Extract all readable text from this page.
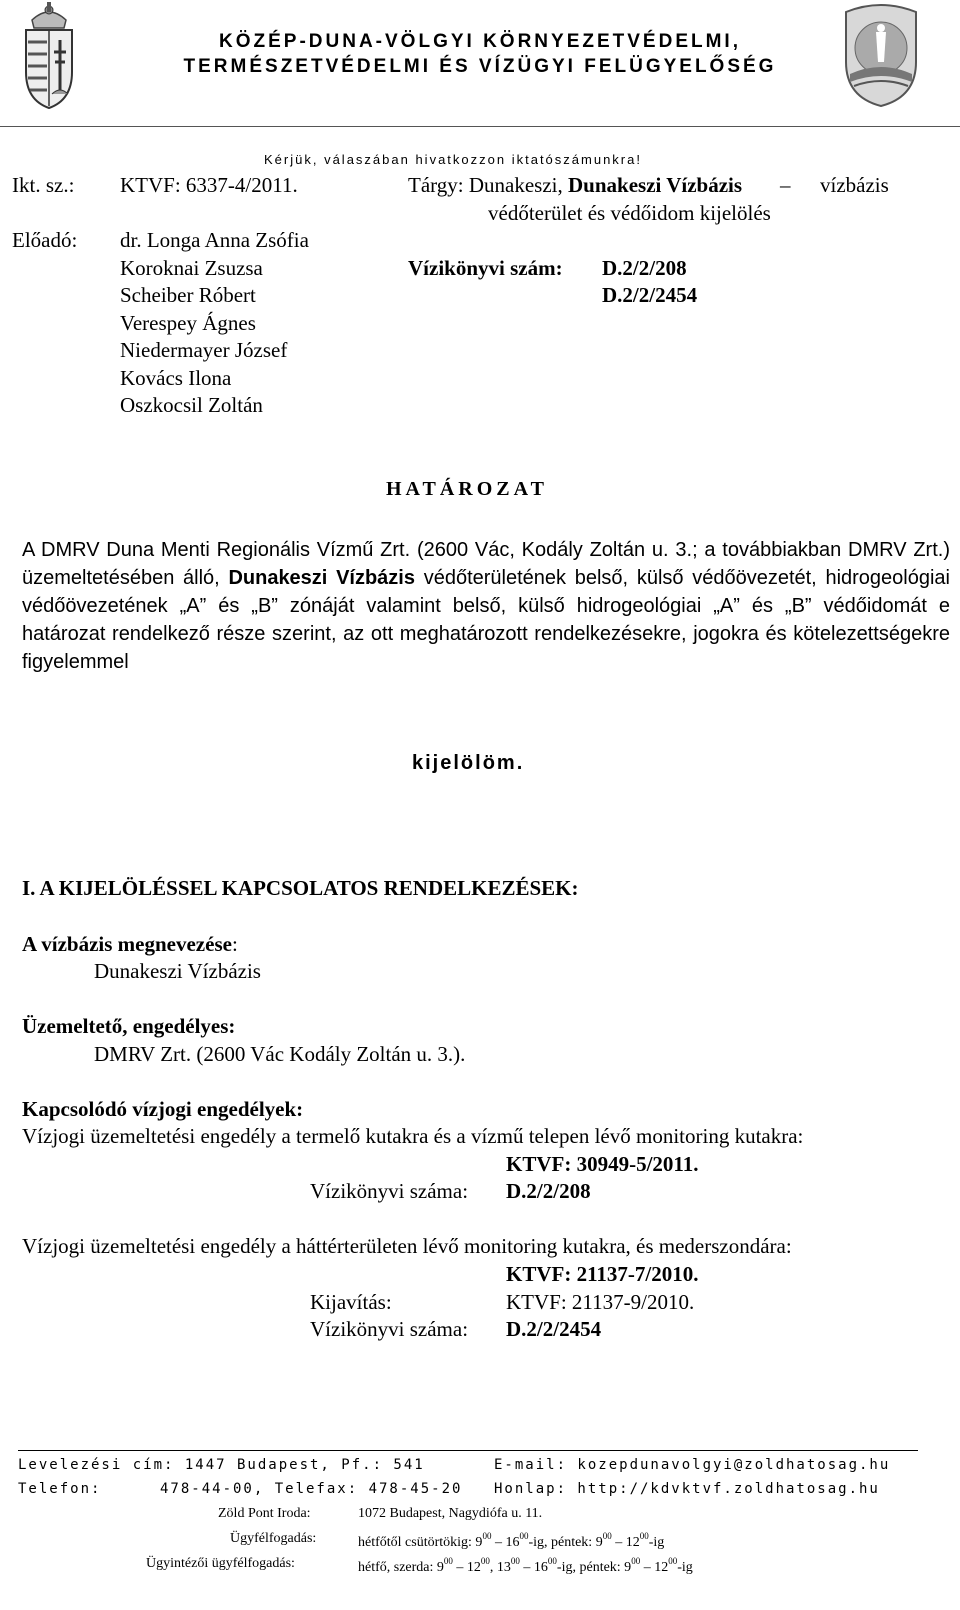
KÖZÉP-DUNA-VÖLGYI KÖRNYEZETVÉDELMI,
TERMÉSZETVÉDELMI ÉS VÍZÜGYI FELÜGYELŐSÉG
Kérjük, válaszában hivatkozzon iktatószámunkra!
Ikt. sz.: KTVF: 6337-4/2011.	Tárgy: Dunakeszi, Dunakeszi Vízbázis – vízbázis
védőterület és védőidom kijelölés
Előadó: dr. Longa Anna Zsófia
Koroknai Zsuzsa
Scheiber Róbert
Verespey Ágnes
Niedermayer József
Kovács Ilona
Oszkocsil Zoltán
Vízikönyvi szám: D.2/2/208
D.2/2/2454
HATÁROZAT
A DMRV Duna Menti Regionális Vízmű Zrt. (2600 Vác, Kodály Zoltán u. 3.; a továbbiakban DMRV Zrt.) üzemeltetésében álló, Dunakeszi Vízbázis védőterületének belső, külső védőövezetét, hidrogeológiai védőövezetének „A” és „B” zónáját valamint belső, külső hidrogeológiai „A” és „B” védőidomát e határozat rendelkező része szerint, az ott meghatározott rendelkezésekre, jogokra és kötelezettségekre figyelemmel
kijelölöm.
I. A KIJELÖLÉSSEL KAPCSOLATOS RENDELKEZÉSEK:
A vízbázis megnevezése:
Dunakeszi Vízbázis
Üzemeltető, engedélyes:
DMRV Zrt. (2600 Vác Kodály Zoltán u. 3.).
Kapcsolódó vízjogi engedélyek:
Vízjogi üzemeltetési engedély a termelő kutakra és a vízmű telepen lévő monitoring kutakra:
KTVF: 30949-5/2011.
Vízikönyvi száma: D.2/2/208
Vízjogi üzemeltetési engedély a háttérterületen lévő monitoring kutakra, és mederszondára:
KTVF: 21137-7/2010.
Kijavítás:	KTVF: 21137-9/2010.
Vízikönyvi száma: D.2/2/2454
Levelezési cím: 1447 Budapest, Pf.: 541	E-mail: kozepdunavolgyi@zoldhatosag.hu
Telefon:	478-44-00, Telefax: 478-45-20 Honlap: http://kdvktvf.zoldhatosag.hu
Zöld Pont Iroda:	1072 Budapest, Nagydiófa u. 11.
Ügyfélfogadás:	hétfőtől csütörtökig: $9^{00} - 16^{00}-ig$, péntek: $9^{00} - 12^{00}-ig$
Ügyintézői ügyfélfogadás:	hétfő, szerda: $9^{00} - 12^{00}$, $13^{00} - 16^{00}-ig$, péntek: $9^{00} - 12^{00}-ig$
